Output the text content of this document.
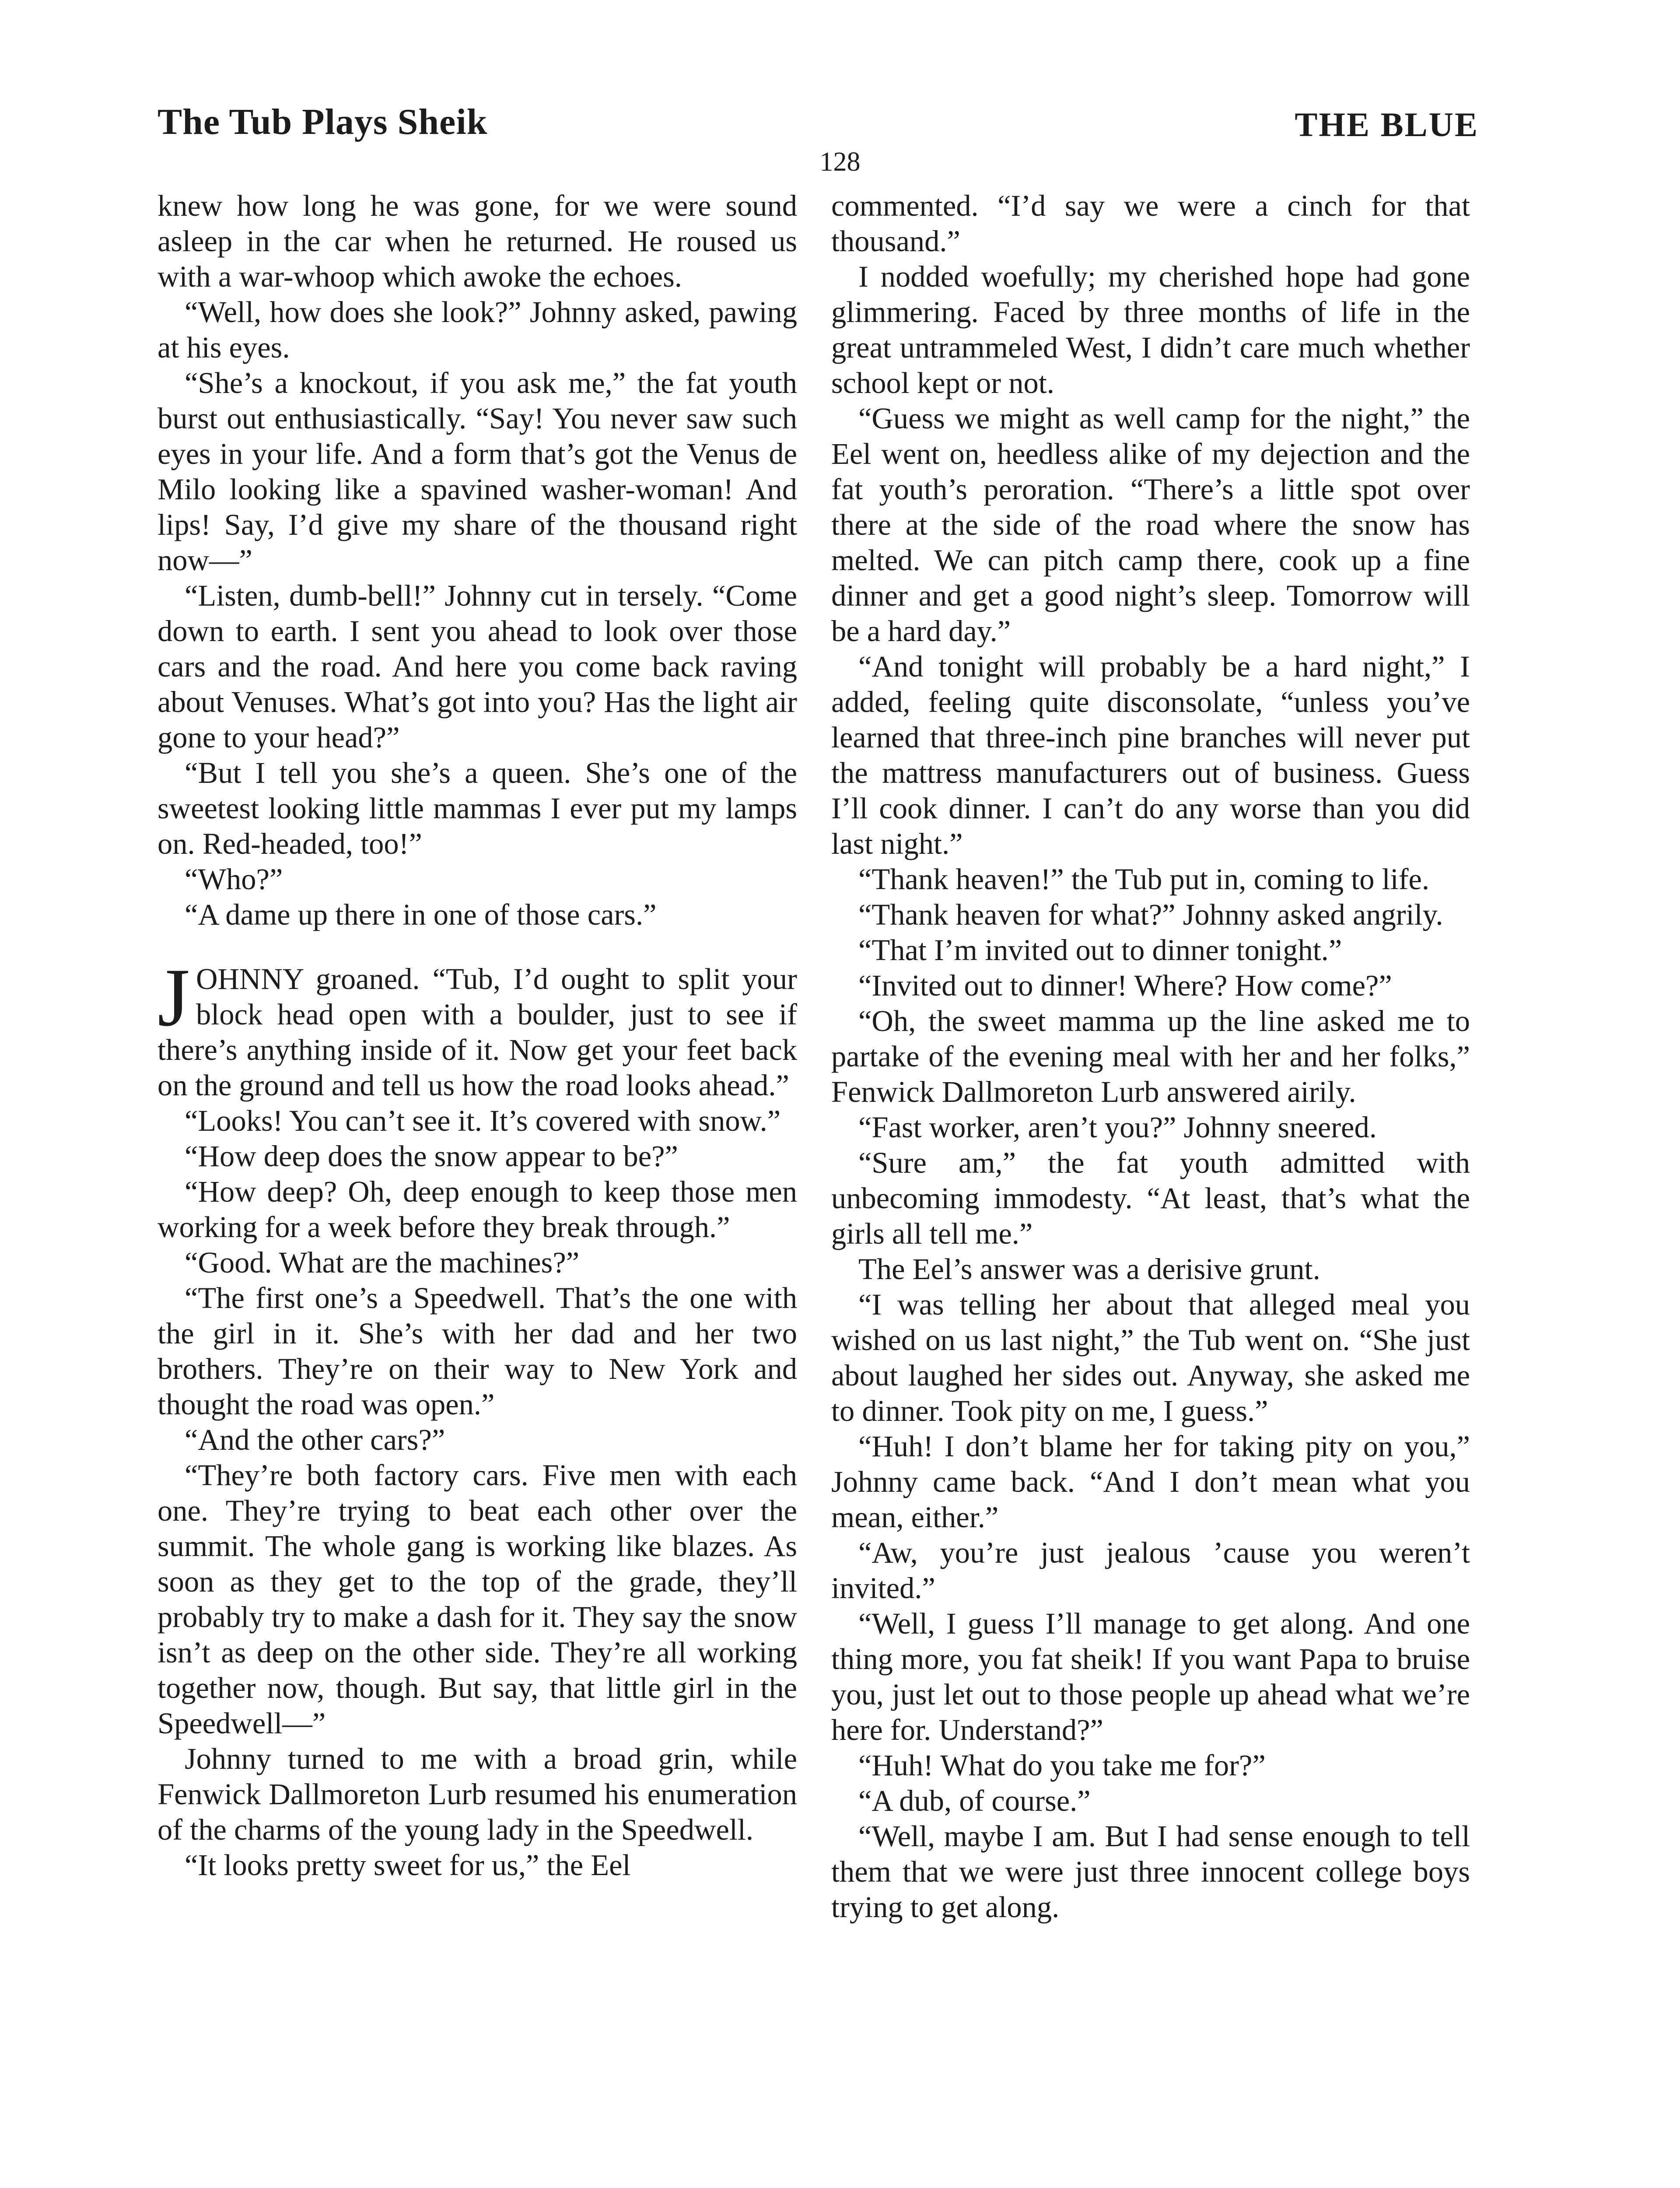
The Tub Plays Sheik	THE BLUE
128

knew how long he was gone, for we were sound asleep in the car when he returned. He roused us with a war-whoop which awoke the echoes.

“Well, how does she look?” Johnny asked, pawing at his eyes.

“She’s a knockout, if you ask me,” the fat youth burst out enthusiastically. “Say! You never saw such eyes in your life. And a form that’s got the Venus de Milo looking like a spavined washer-woman! And lips! Say, I’d give my share of the thousand right now—”

“Listen, dumb-bell!” Johnny cut in tersely. “Come down to earth. I sent you ahead to look over those cars and the road. And here you come back raving about Venuses. What’s got into you? Has the light air gone to your head?”

“But I tell you she’s a queen. She’s one of the sweetest looking little mammas I ever put my lamps on. Red-headed, too!”

“Who?”

“A dame up there in one of those cars.”

JOHNNY groaned. “Tub, I’d ought to split your block head open with a boulder, just to see if there’s anything inside of it. Now get your feet back on the ground and tell us how the road looks ahead.”

“Looks! You can’t see it. It’s covered with snow.”

“How deep does the snow appear to be?”

“How deep? Oh, deep enough to keep those men working for a week before they break through.”

“Good. What are the machines?”

“The first one’s a Speedwell. That’s the one with the girl in it. She’s with her dad and her two brothers. They’re on their way to New York and thought the road was open.”

“And the other cars?”

“They’re both factory cars. Five men with each one. They’re trying to beat each other over the summit. The whole gang is working like blazes. As soon as they get to the top of the grade, they’ll probably try to make a dash for it. They say the snow isn’t as deep on the other side. They’re all working together now, though. But say, that little girl in the Speedwell—”

Johnny turned to me with a broad grin, while Fenwick Dallmoreton Lurb resumed his enumeration of the charms of the young lady in the Speedwell.

“It looks pretty sweet for us,” the Eel

commented. “I’d say we were a cinch for that thousand.”

I nodded woefully; my cherished hope had gone glimmering. Faced by three months of life in the great untrammeled West, I didn’t care much whether school kept or not.

“Guess we might as well camp for the night,” the Eel went on, heedless alike of my dejection and the fat youth’s peroration. “There’s a little spot over there at the side of the road where the snow has melted. We can pitch camp there, cook up a fine dinner and get a good night’s sleep. Tomorrow will be a hard day.”

“And tonight will probably be a hard night,” I added, feeling quite disconsolate, “unless you’ve learned that three-inch pine branches will never put the mattress manufacturers out of business. Guess I’ll cook dinner. I can’t do any worse than you did last night.”

“Thank heaven!” the Tub put in, coming to life.

“Thank heaven for what?” Johnny asked angrily.

“That I’m invited out to dinner tonight.”

“Invited out to dinner! Where? How come?”

“Oh, the sweet mamma up the line asked me to partake of the evening meal with her and her folks,” Fenwick Dallmoreton Lurb answered airily.

“Fast worker, aren’t you?” Johnny sneered.

“Sure am,” the fat youth admitted with unbecoming immodesty. “At least, that’s what the girls all tell me.”

The Eel’s answer was a derisive grunt.

“I was telling her about that alleged meal you wished on us last night,” the Tub went on. “She just about laughed her sides out. Anyway, she asked me to dinner. Took pity on me, I guess.”

“Huh! I don’t blame her for taking pity on you,” Johnny came back. “And I don’t mean what you mean, either.”

“Aw, you’re just jealous ’cause you weren’t invited.”

“Well, I guess I’ll manage to get along. And one thing more, you fat sheik! If you want Papa to bruise you, just let out to those people up ahead what we’re here for. Understand?”

“Huh! What do you take me for?”

“A dub, of course.”

“Well, maybe I am. But I had sense enough to tell them that we were just three innocent college boys trying to get along.
